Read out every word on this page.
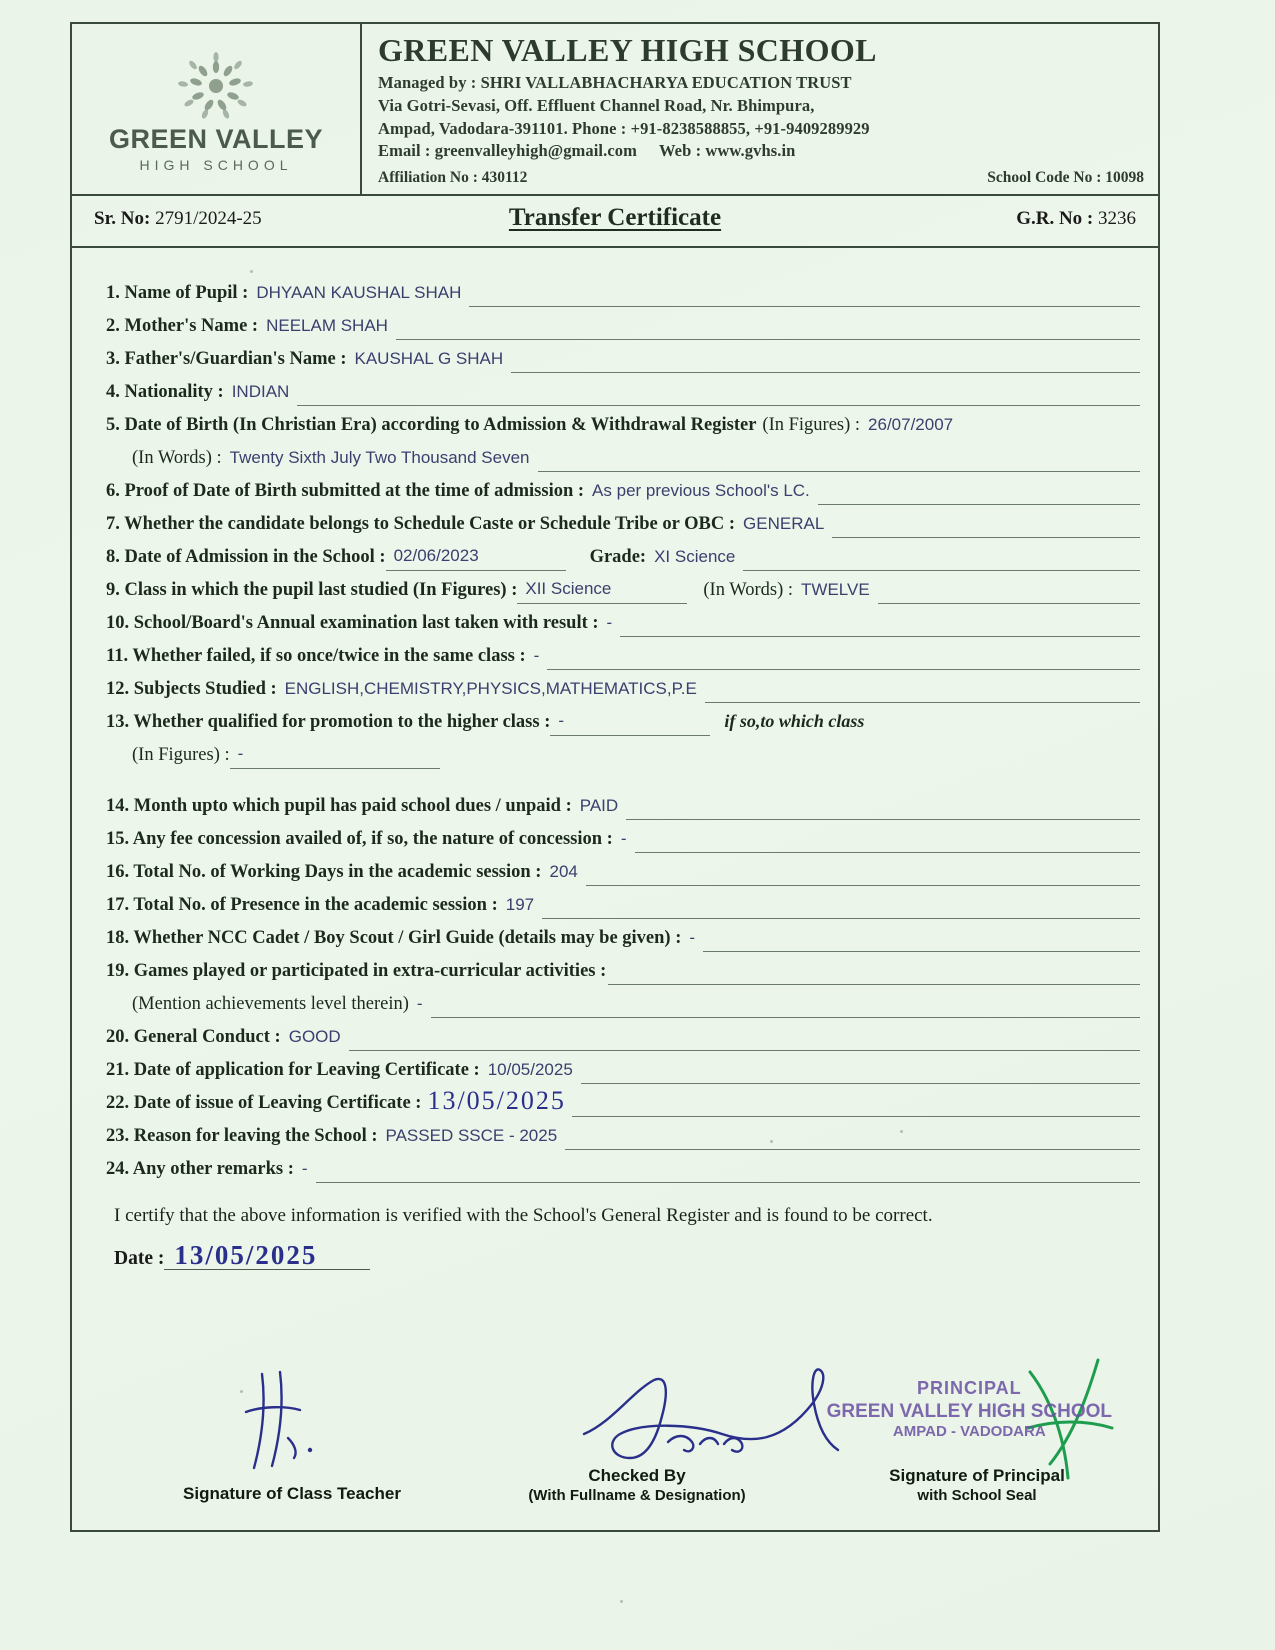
GREEN VALLEY
HIGH SCHOOL
GREEN VALLEY HIGH SCHOOL
Managed by : SHRI VALLABHACHARYA EDUCATION TRUST
Via Gotri-Sevasi, Off. Effluent Channel Road, Nr. Bhimpura,
Ampad, Vadodara-391101. Phone : +91-8238588855, +91-9409289929
Email : greenvalleyhigh@gmail.com Web : www.gvhs.in
Affiliation No : 430112	School Code No : 10098
Sr. No: 2791/2024-25	Transfer Certificate	G.R. No : 3236
1. Name of Pupil : DHYAAN KAUSHAL SHAH
2. Mother's Name : NEELAM SHAH
3. Father's/Guardian's Name : KAUSHAL G SHAH
4. Nationality : INDIAN
5. Date of Birth (In Christian Era) according to Admission & Withdrawal Register (In Figures) : 26/07/2007
(In Words) : Twenty Sixth July Two Thousand Seven
6. Proof of Date of Birth submitted at the time of admission : As per previous School's LC.
7. Whether the candidate belongs to Schedule Caste or Schedule Tribe or OBC : GENERAL
8. Date of Admission in the School : 02/06/2023	Grade: XI Science
9. Class in which the pupil last studied (In Figures) : XII Science	(In Words) : TWELVE
10. School/Board's Annual examination last taken with result : -
11. Whether failed, if so once/twice in the same class : -
12. Subjects Studied : ENGLISH,CHEMISTRY,PHYSICS,MATHEMATICS,P.E
13. Whether qualified for promotion to the higher class : -	if so,to which class
(In Figures) : -
14. Month upto which pupil has paid school dues / unpaid : PAID
15. Any fee concession availed of, if so, the nature of concession : -
16. Total No. of Working Days in the academic session : 204
17. Total No. of Presence in the academic session : 197
18. Whether NCC Cadet / Boy Scout / Girl Guide (details may be given) : -
19. Games played or participated in extra-curricular activities :
(Mention achievements level therein) -
20. General Conduct : GOOD
21. Date of application for Leaving Certificate : 10/05/2025
22. Date of issue of Leaving Certificate : 13/05/2025
23. Reason for leaving the School : PASSED SSCE - 2025
24. Any other remarks : -
I certify that the above information is verified with the School's General Register and is found to be correct.
Date : 13/05/2025
PRINCIPAL
GREEN VALLEY HIGH SCHOOL
AMPAD - VADODARA
Signature of Class Teacher
Checked By
(With Fullname & Designation)
Signature of Principal
with School Seal
